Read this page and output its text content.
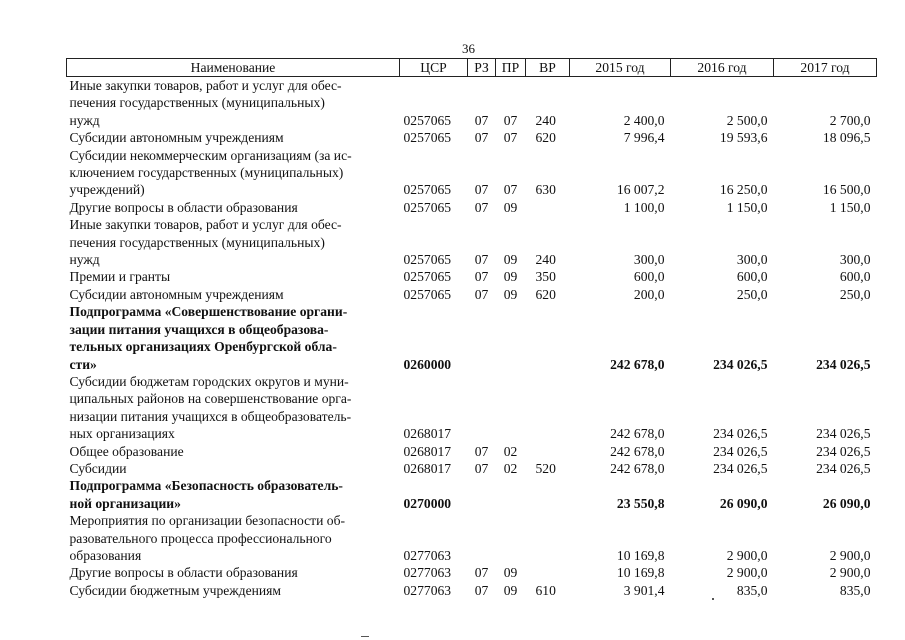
36
Наименование	ЦСР	РЗ	ПР	ВР	2015 год	2016 год	2017 год

Иные закупки товаров, работ и услуг для обес-
печения государственных (муниципальных)
нужд	0257065	07	07	240	2 400,0	2 500,0	2 700,0

Субсидии автономным учреждениям	0257065	07	07	620	7 996,4	19 593,6	18 096,5

Субсидии некоммерческим организациям (за ис-
ключением государственных (муниципальных)
учреждений)	0257065	07	07	630	16 007,2	16 250,0	16 500,0

Другие вопросы в области образования	0257065	07	09		1 100,0	1 150,0	1 150,0

Иные закупки товаров, работ и услуг для обес-
печения государственных (муниципальных)
нужд	0257065	07	09	240	300,0	300,0	300,0

Премии и гранты	0257065	07	09	350	600,0	600,0	600,0

Субсидии автономным учреждениям	0257065	07	09	620	200,0	250,0	250,0

Подпрограмма «Совершенствование органи-
зации питания учащихся в общеобразова-
тельных организациях Оренбургской обла-
сти»	0260000				242 678,0	234 026,5	234 026,5

Субсидии бюджетам городских округов и муни-
ципальных районов на совершенствование орга-
низации питания учащихся в общеобразователь-
ных организациях	0268017				242 678,0	234 026,5	234 026,5

Общее образование	0268017	07	02		242 678,0	234 026,5	234 026,5

Субсидии	0268017	07	02	520	242 678,0	234 026,5	234 026,5

Подпрограмма «Безопасность образователь-
ной организации»	0270000				23 550,8	26 090,0	26 090,0

Мероприятия по организации безопасности об-
разовательного процесса профессионального
образования	0277063				10 169,8	2 900,0	2 900,0

Другие вопросы в области образования	0277063	07	09		10 169,8	2 900,0	2 900,0

Субсидии бюджетным учреждениям	0277063	07	09	610	3 901,4	835,0	835,0
